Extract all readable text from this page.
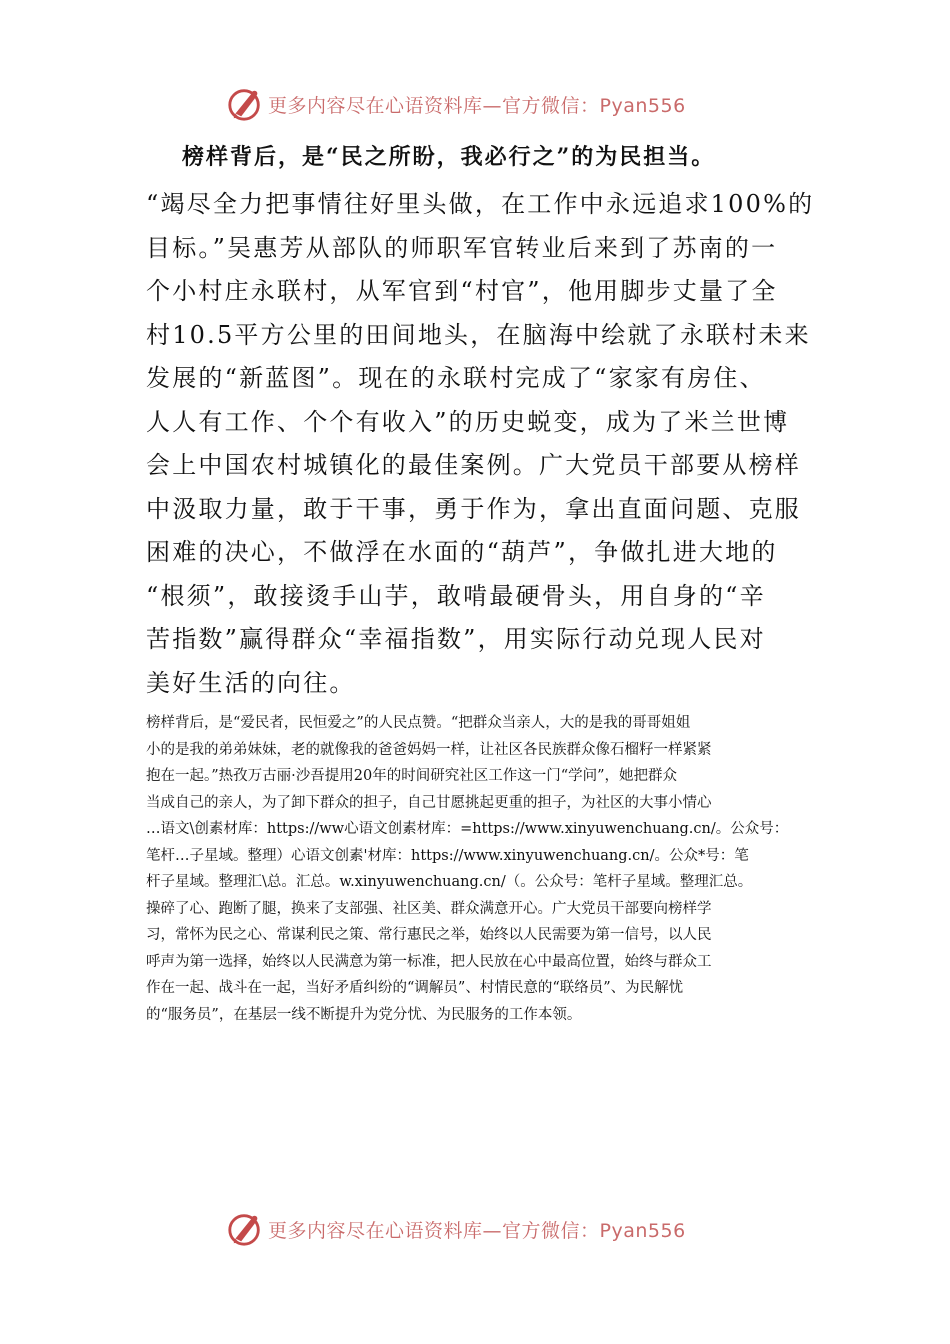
更多内容尽在心语资料库—官方微信：Pyan556
榜样背后，是“民之所盼，我必行之”的为民担当。
“竭尽全力把事情往好里头做，在工作中永远追求100%的
目标。”吴惠芳从部队的师职军官转业后来到了苏南的一
个小村庄永联村，从军官到“村官”，他用脚步丈量了全
村10.5平方公里的田间地头，在脑海中绘就了永联村未来
发展的“新蓝图”。现在的永联村完成了“家家有房住、
人人有工作、个个有收入”的历史蜕变，成为了米兰世博
会上中国农村城镇化的最佳案例。广大党员干部要从榜样
中汲取力量，敢于干事，勇于作为，拿出直面问题、克服
困难的决心，不做浮在水面的“葫芦”，争做扎进大地的
“根须”，敢接烫手山芋，敢啃最硬骨头，用自身的“辛
苦指数”赢得群众“幸福指数”，用实际行动兑现人民对
美好生活的向往。
榜样背后，是“爱民者，民恒爱之”的人民点赞。“把群众当亲人，大的是我的哥哥姐姐
小的是我的弟弟妹妹，老的就像我的爸爸妈妈一样，让社区各民族群众像石榴籽一样紧紧
抱在一起。”热孜万古丽·沙吾提用20年的时间研究社区工作这一门“学问”，她把群众
当成自己的亲人，为了卸下群众的担子，自己甘愿挑起更重的担子，为社区的大事小情心
…语文\创素材库：https://ww心语文创素材库：=https://www.xinyuwenchuang.cn/。公众号：
笔杆…子星域。整理）心语文创素'材库：https://www.xinyuwenchuang.cn/。公众*号：笔
杆子星域。整理汇\总。汇总。w.xinyuwenchuang.cn/（。公众号：笔杆子星域。整理汇总。
操碎了心、跑断了腿，换来了支部强、社区美、群众满意开心。广大党员干部要向榜样学
习，常怀为民之心、常谋利民之策、常行惠民之举，始终以人民需要为第一信号，以人民
呼声为第一选择，始终以人民满意为第一标准，把人民放在心中最高位置，始终与群众工
作在一起、战斗在一起，当好矛盾纠纷的“调解员”、村情民意的“联络员”、为民解忧
的“服务员”，在基层一线不断提升为党分忧、为民服务的工作本领。
更多内容尽在心语资料库—官方微信：Pyan556
